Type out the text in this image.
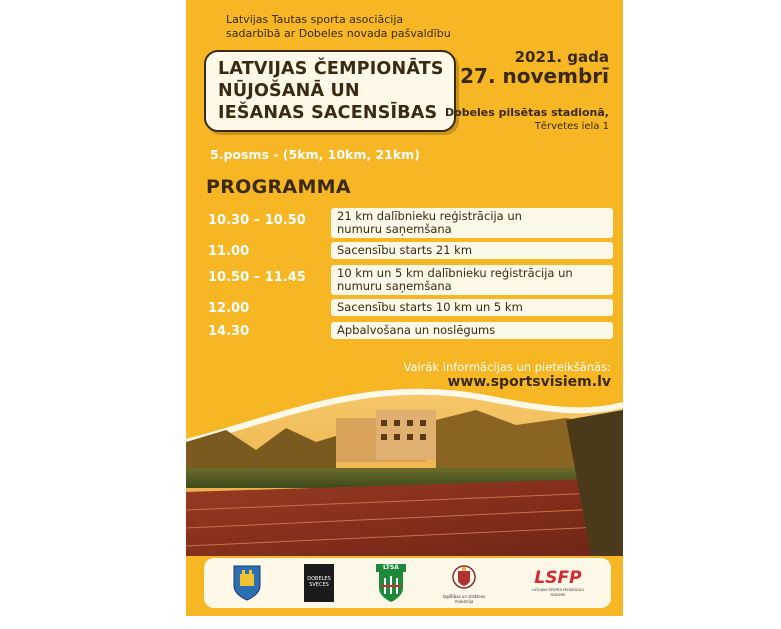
Latvijas Tautas sporta asociācija
sadarbībā ar Dobeles novada pašvaldību
LATVIJAS ČEMPIONĀTS
NŪJOŠANĀ UN
IEŠANAS SACENSĪBAS
2021. gada
27. novembrī
Dobeles pilsētas stadionā,
Tērvetes iela 1
5.posms - (5km, 10km, 21km)
PROGRAMMA
10.30 – 10.50	21 km dalībnieku reģistrācija un
numuru saņemšana
11.00	Sacensību starts 21 km
10.50 – 11.45	10 km un 5 km dalībnieku reģistrācija un
numuru saņemšana
12.00	Sacensību starts 10 km un 5 km
14.30	Apbalvošana un noslēgums
Vairāk informācijas un pieteikšānās:
www.sportsvisiem.lv
DOBELES
SVECES
LTSA
Izglītības un zinātnes
ministrija
LSFP
LATVIJAS SPORTA FEDERĀCIJU PADOME
